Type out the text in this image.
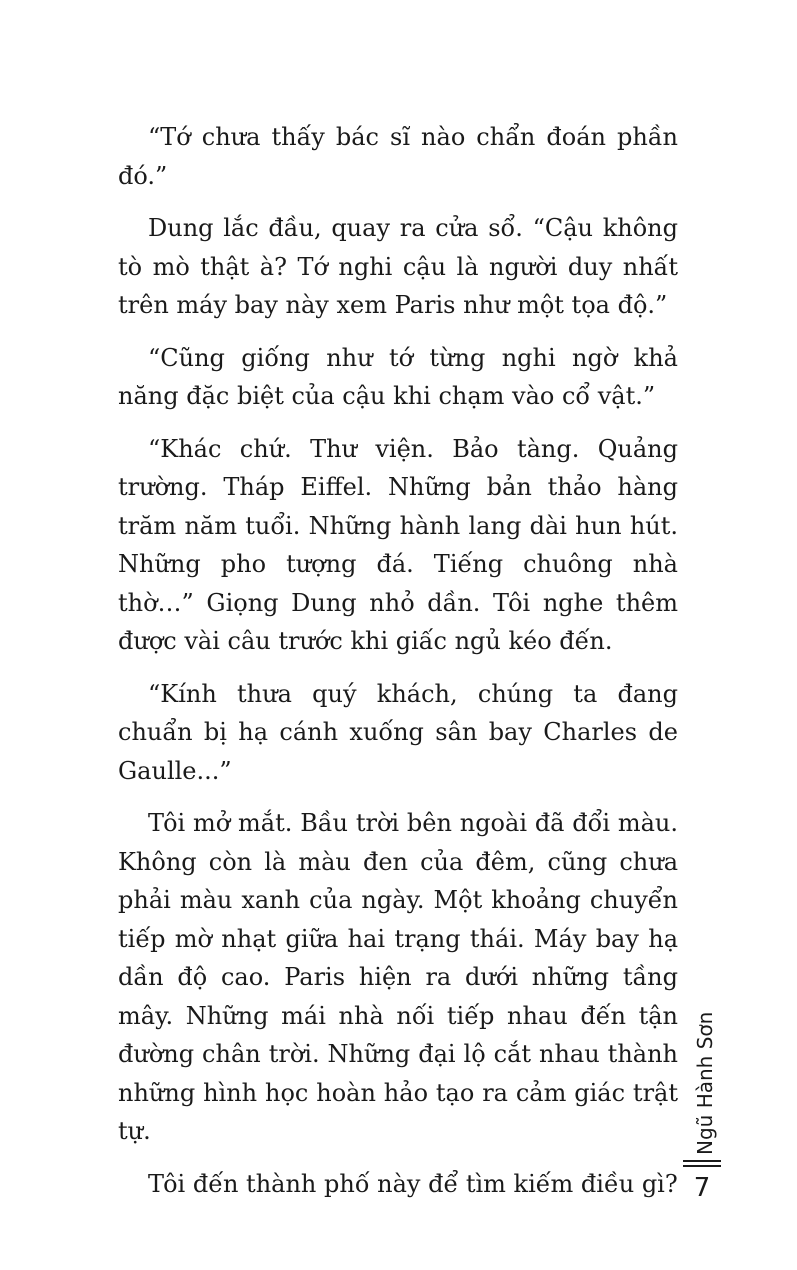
“Tớ chưa thấy bác sĩ nào chẩn đoán phần đó.”

Dung lắc đầu, quay ra cửa sổ. “Cậu không tò mò thật à? Tớ nghi cậu là người duy nhất trên máy bay này xem Paris như một tọa độ.”

“Cũng giống như tớ từng nghi ngờ khả năng đặc biệt của cậu khi chạm vào cổ vật.”

“Khác chứ. Thư viện. Bảo tàng. Quảng trường. Tháp Eiffel. Những bản thảo hàng trăm năm tuổi. Những hành lang dài hun hút. Những pho tượng đá. Tiếng chuông nhà thờ…” Giọng Dung nhỏ dần. Tôi nghe thêm được vài câu trước khi giấc ngủ kéo đến.

“Kính thưa quý khách, chúng ta đang chuẩn bị hạ cánh xuống sân bay Charles de Gaulle...”

Tôi mở mắt. Bầu trời bên ngoài đã đổi màu. Không còn là màu đen của đêm, cũng chưa phải màu xanh của ngày. Một khoảng chuyển tiếp mờ nhạt giữa hai trạng thái. Máy bay hạ dần độ cao. Paris hiện ra dưới những tầng mây. Những mái nhà nối tiếp nhau đến tận đường chân trời. Những đại lộ cắt nhau thành những hình học hoàn hảo tạo ra cảm giác trật tự.

Tôi đến thành phố này để tìm kiếm điều gì?

Ngũ Hành Sơn
7
